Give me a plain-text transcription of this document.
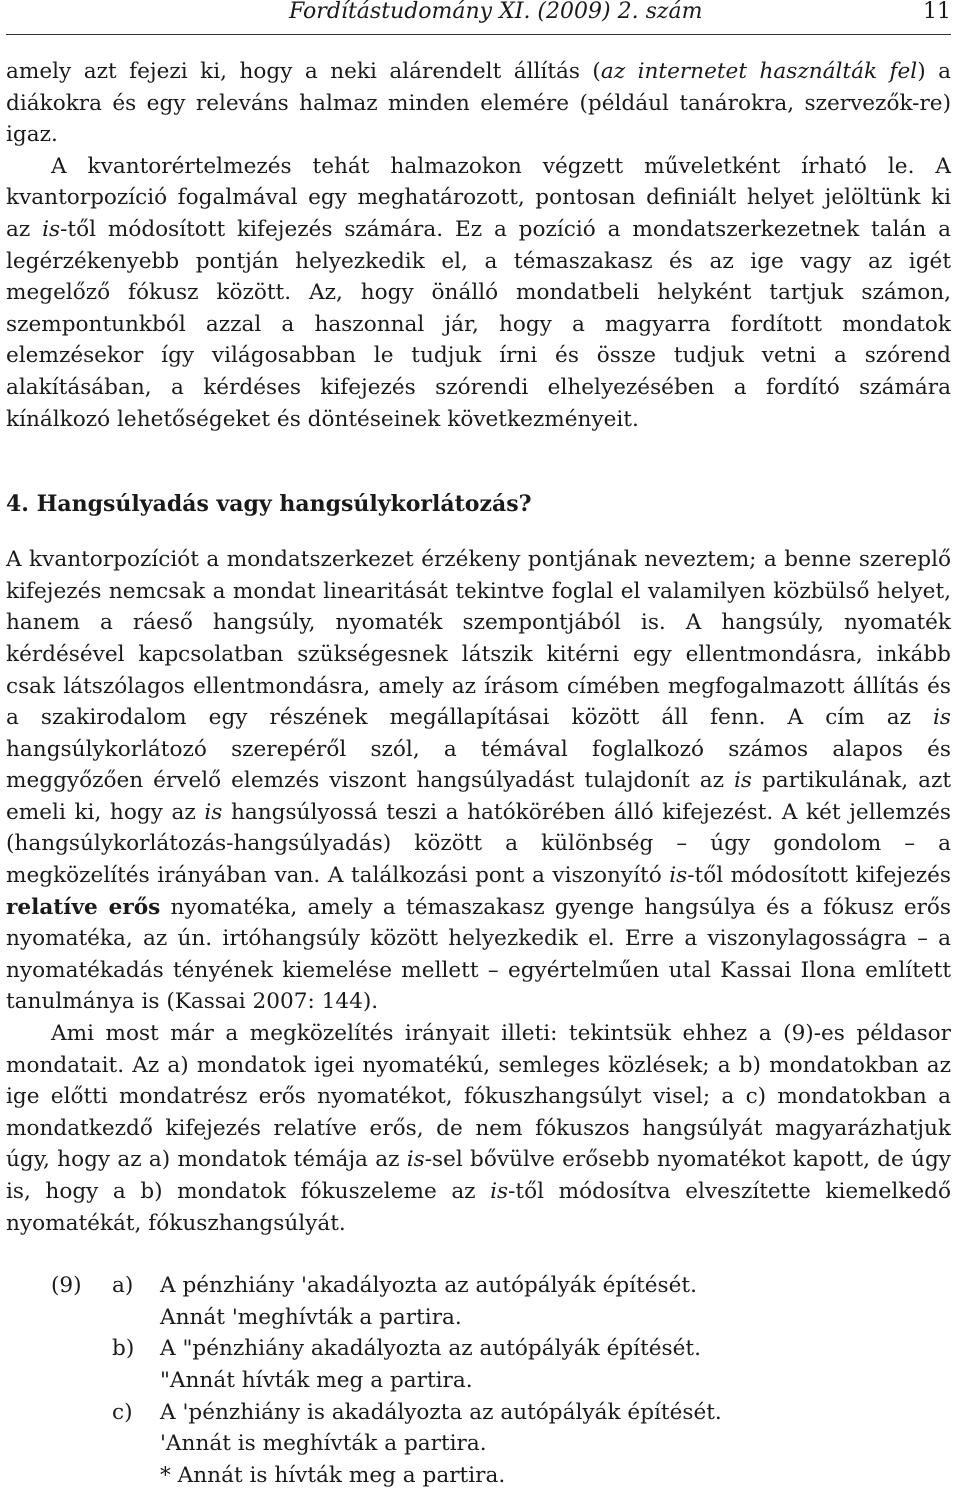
Fordítástudomány XI. (2009) 2. szám	11

amely azt fejezi ki, hogy a neki alárendelt állítás (az internetet használták fel) a diákokra és egy releváns halmaz minden elemére (például tanárokra, szervezők-re) igaz.

A kvantorértelmezés tehát halmazokon végzett műveletként írható le. A kvantorpozíció fogalmával egy meghatározott, pontosan definiált helyet jelöltünk ki az is-től módosított kifejezés számára. Ez a pozíció a mondatszerkezetnek talán a legérzékenyebb pontján helyezkedik el, a témaszakasz és az ige vagy az igét megelőző fókusz között. Az, hogy önálló mondatbeli helyként tartjuk számon, szempontunkból azzal a haszonnal jár, hogy a magyarra fordított mondatok elemzésekor így világosabban le tudjuk írni és össze tudjuk vetni a szórend alakításában, a kérdéses kifejezés szórendi elhelyezésében a fordító számára kínálkozó lehetőségeket és döntéseinek következményeit.

4. Hangsúlyadás vagy hangsúlykorlátozás?

A kvantorpozíciót a mondatszerkezet érzékeny pontjának neveztem; a benne szereplő kifejezés nemcsak a mondat linearitását tekintve foglal el valamilyen közbülső helyet, hanem a ráeső hangsúly, nyomaték szempontjából is. A hangsúly, nyomaték kérdésével kapcsolatban szükségesnek látszik kitérni egy ellentmondásra, inkább csak látszólagos ellentmondásra, amely az írásom címében megfogalmazott állítás és a szakirodalom egy részének megállapításai között áll fenn. A cím az is hangsúlykorlátozó szerepéről szól, a témával foglalkozó számos alapos és meggyőzően érvelő elemzés viszont hangsúlyadást tulajdonít az is partikulának, azt emeli ki, hogy az is hangsúlyossá teszi a hatókörében álló kifejezést. A két jellemzés (hangsúlykorlátozás-hangsúlyadás) között a különbség – úgy gondolom – a megközelítés irányában van. A találkozási pont a viszonyító is-től módosított kifejezés relatíve erős nyomatéka, amely a témaszakasz gyenge hangsúlya és a fókusz erős nyomatéka, az ún. irtóhangsúly között helyezkedik el. Erre a viszonylagosságra – a nyomatékadás tényének kiemelése mellett – egyértelműen utal Kassai Ilona említett tanulmánya is (Kassai 2007: 144).

Ami most már a megközelítés irányait illeti: tekintsük ehhez a (9)-es példasor mondatait. Az a) mondatok igei nyomatékú, semleges közlések; a b) mondatokban az ige előtti mondatrész erős nyomatékot, fókuszhangsúlyt visel; a c) mondatokban a mondatkezdő kifejezés relatíve erős, de nem fókuszos hangsúlyát magyarázhatjuk úgy, hogy az a) mondatok témája az is-sel bővülve erősebb nyomatékot kapott, de úgy is, hogy a b) mondatok fókuszeleme az is-től módosítva elveszítette kiemelkedő nyomatékát, fókuszhangsúlyát.

(9) a) A pénzhiány 'akadályozta az autópályák építését.
Annát 'meghívták a partira.
b) A "pénzhiány akadályozta az autópályák építését.
"Annát hívták meg a partira.
c) A 'pénzhiány is akadályozta az autópályák építését.
'Annát is meghívták a partira.
* Annát is hívták meg a partira.
